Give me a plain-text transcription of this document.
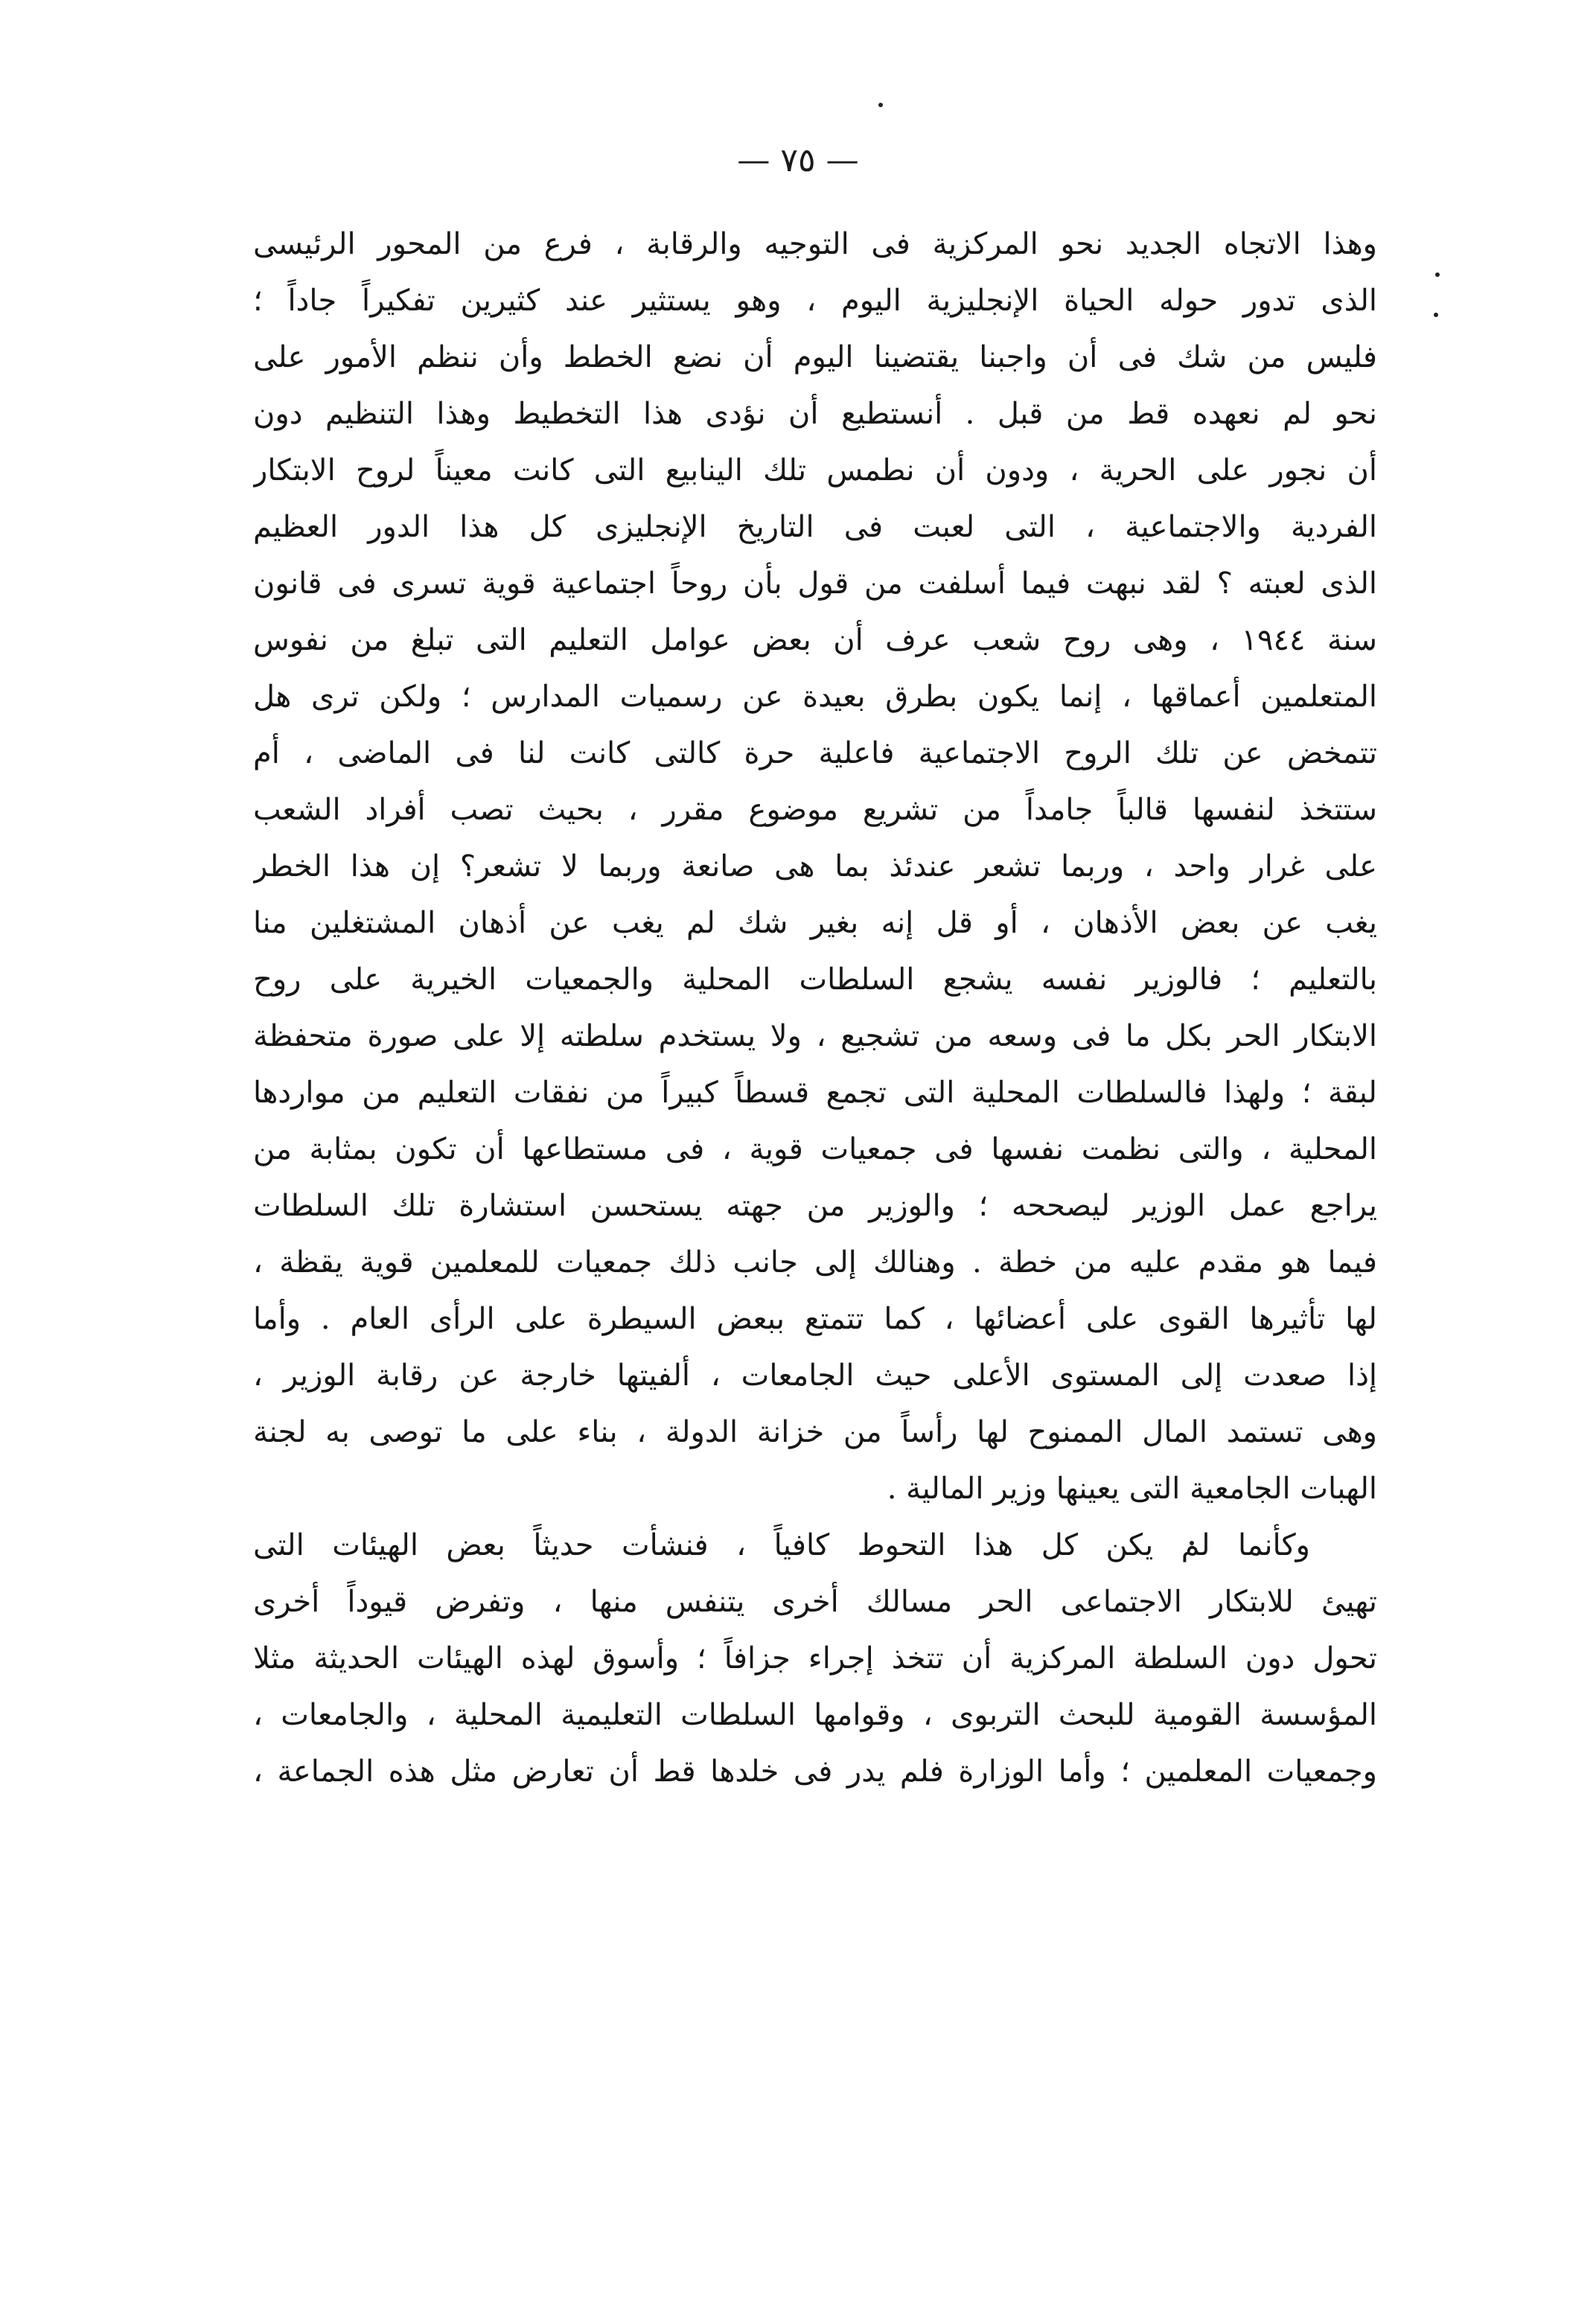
— ٧٥ —
وهذا الاتجاه الجديد نحو المركزية فى التوجيه والرقابة ، فرع من المحور الرئيسى
الذى تدور حوله الحياة الإنجليزية اليوم ، وهو يستثير عند كثيرين تفكيراً جاداً ؛
فليس من شك فى أن واجبنا يقتضينا اليوم أن نضع الخطط وأن ننظم الأمور على
نحو لم نعهده قط من قبل . أنستطيع أن نؤدى هذا التخطيط وهذا التنظيم دون
أن نجور على الحرية ، ودون أن نطمس تلك الينابيع التى كانت معيناً لروح الابتكار
الفردية والاجتماعية ، التى لعبت فى التاريخ الإنجليزى كل هذا الدور العظيم
الذى لعبته ؟ لقد نبهت فيما أسلفت من قول بأن روحاً اجتماعية قوية تسرى فى قانون
سنة ١٩٤٤ ، وهى روح شعب عرف أن بعض عوامل التعليم التى تبلغ من نفوس
المتعلمين أعماقها ، إنما يكون بطرق بعيدة عن رسميات المدارس ؛ ولكن ترى هل
تتمخض عن تلك الروح الاجتماعية فاعلية حرة كالتى كانت لنا فى الماضى ، أم
ستتخذ لنفسها قالباً جامداً من تشريع موضوع مقرر ، بحيث تصب أفراد الشعب
على غرار واحد ، وربما تشعر عندئذ بما هى صانعة وربما لا تشعر؟ إن هذا الخطر
يغب عن بعض الأذهان ، أو قل إنه بغير شك لم يغب عن أذهان المشتغلين منا
بالتعليم ؛ فالوزير نفسه يشجع السلطات المحلية والجمعيات الخيرية على روح
الابتكار الحر بكل ما فى وسعه من تشجيع ، ولا يستخدم سلطته إلا على صورة متحفظة
لبقة ؛ ولهذا فالسلطات المحلية التى تجمع قسطاً كبيراً من نفقات التعليم من مواردها
المحلية ، والتى نظمت نفسها فى جمعيات قوية ، فى مستطاعها أن تكون بمثابة من
يراجع عمل الوزير ليصححه ؛ والوزير من جهته يستحسن استشارة تلك السلطات
فيما هو مقدم عليه من خطة . وهنالك إلى جانب ذلك جمعيات للمعلمين قوية يقظة ،
لها تأثيرها القوى على أعضائها ، كما تتمتع ببعض السيطرة على الرأى العام . وأما
إذا صعدت إلى المستوى الأعلى حيث الجامعات ، ألفيتها خارجة عن رقابة الوزير ،
وهى تستمد المال الممنوح لها رأساً من خزانة الدولة ، بناء على ما توصى به لجنة
الهبات الجامعية التى يعينها وزير المالية .
وكأنما لم يكن كل هذا التحوط كافياً ، فنشأت حديثاً بعض الهيئات التى
تهيئ للابتكار الاجتماعى الحر مسالك أخرى يتنفس منها ، وتفرض قيوداً أخرى
تحول دون السلطة المركزية أن تتخذ إجراء جزافاً ؛ وأسوق لهذه الهيئات الحديثة مثلا
المؤسسة القومية للبحث التربوى ، وقوامها السلطات التعليمية المحلية ، والجامعات ،
وجمعيات المعلمين ؛ وأما الوزارة فلم يدر فى خلدها قط أن تعارض مثل هذه الجماعة ،
